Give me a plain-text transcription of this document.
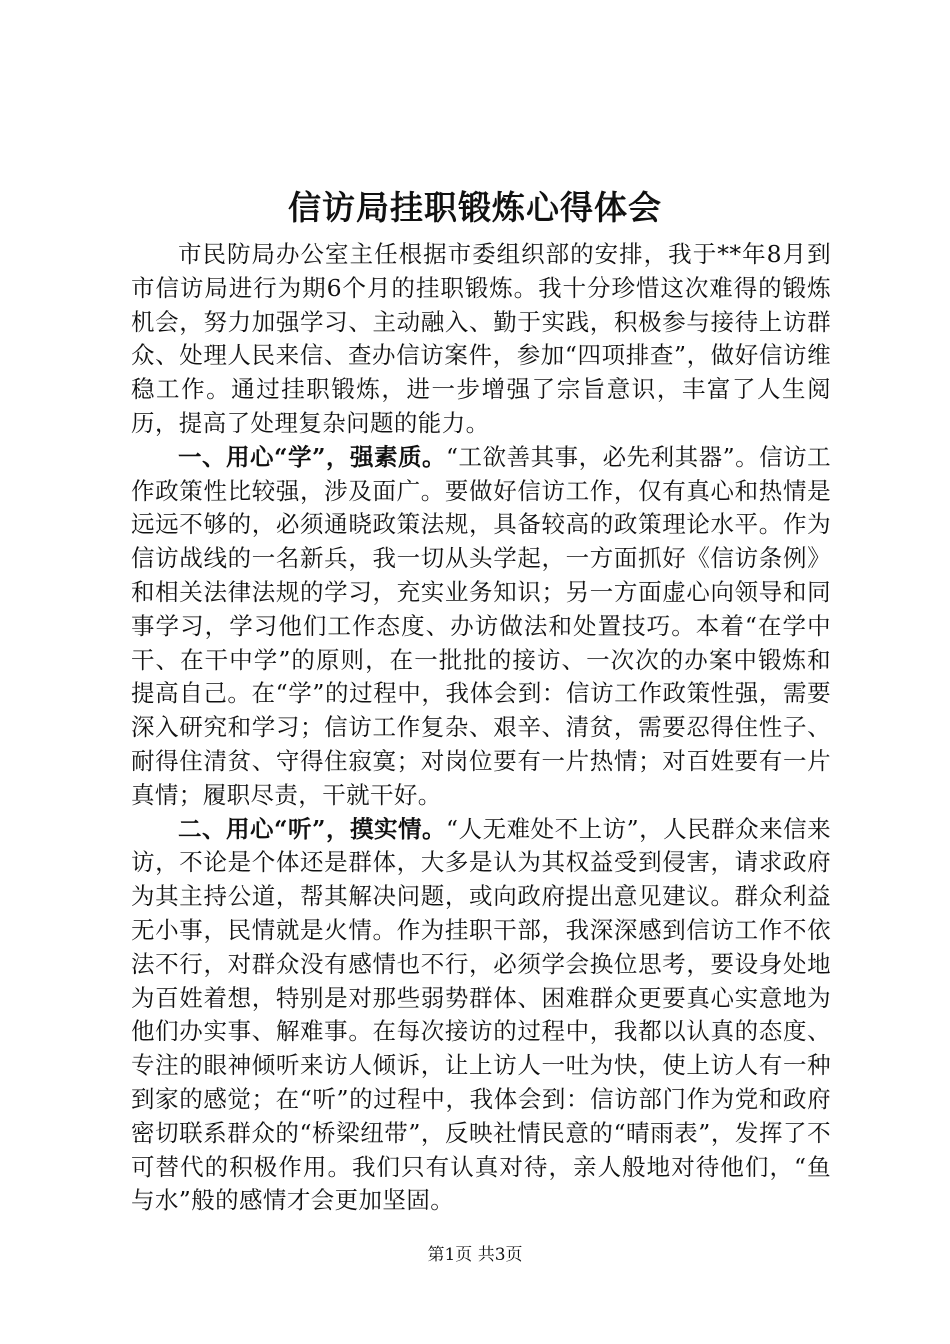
信访局挂职锻炼心得体会

市民防局办公室主任根据市委组织部的安排，我于**年8月到市信访局进行为期6个月的挂职锻炼。我十分珍惜这次难得的锻炼机会，努力加强学习、主动融入、勤于实践，积极参与接待上访群众、处理人民来信、查办信访案件，参加“四项排查”，做好信访维稳工作。通过挂职锻炼，进一步增强了宗旨意识，丰富了人生阅历，提高了处理复杂问题的能力。

一、用心“学”，强素质。“工欲善其事，必先利其器”。信访工作政策性比较强，涉及面广。要做好信访工作，仅有真心和热情是远远不够的，必须通晓政策法规，具备较高的政策理论水平。作为信访战线的一名新兵，我一切从头学起，一方面抓好《信访条例》和相关法律法规的学习，充实业务知识；另一方面虚心向领导和同事学习，学习他们工作态度、办访做法和处置技巧。本着“在学中干、在干中学”的原则，在一批批的接访、一次次的办案中锻炼和提高自己。在“学”的过程中，我体会到：信访工作政策性强，需要深入研究和学习；信访工作复杂、艰辛、清贫，需要忍得住性子、耐得住清贫、守得住寂寞；对岗位要有一片热情；对百姓要有一片真情；履职尽责，干就干好。

二、用心“听”，摸实情。“人无难处不上访”，人民群众来信来访，不论是个体还是群体，大多是认为其权益受到侵害，请求政府为其主持公道，帮其解决问题，或向政府提出意见建议。群众利益无小事，民情就是火情。作为挂职干部，我深深感到信访工作不依法不行，对群众没有感情也不行，必须学会换位思考，要设身处地为百姓着想，特别是对那些弱势群体、困难群众更要真心实意地为他们办实事、解难事。在每次接访的过程中，我都以认真的态度、专注的眼神倾听来访人倾诉，让上访人一吐为快，使上访人有一种到家的感觉；在“听”的过程中，我体会到：信访部门作为党和政府密切联系群众的“桥梁纽带”，反映社情民意的“晴雨表”，发挥了不可替代的积极作用。我们只有认真对待，亲人般地对待他们，“鱼与水”般的感情才会更加坚固。

第1页 共3页
